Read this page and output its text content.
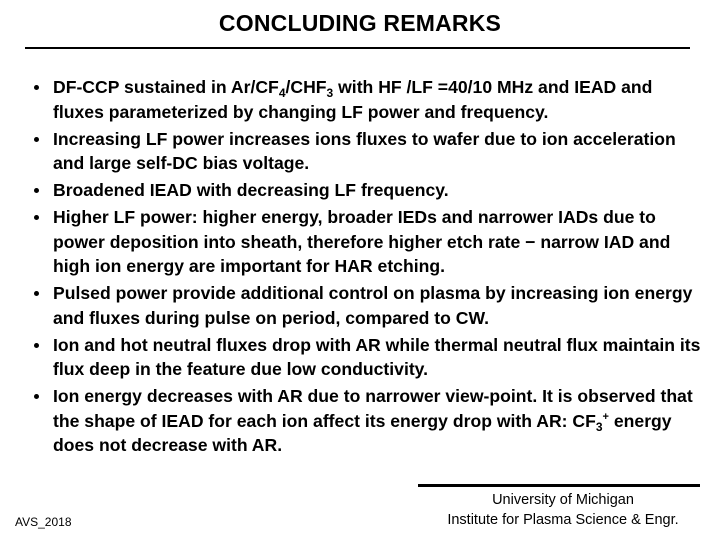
CONCLUDING REMARKS
DF-CCP sustained in $Ar/CF_4/CHF_3$ with HF /LF =40/10 MHz and IEAD and fluxes parameterized by changing LF power and frequency.
Increasing LF power increases ions fluxes to wafer due to ion acceleration and large self-DC bias voltage.
Broadened IEAD with decreasing LF frequency.
Higher LF power: higher energy, broader IEDs and narrower IADs due to power deposition into sheath, therefore higher etch rate − narrow IAD and high ion energy are important for HAR etching.
Pulsed power provide additional control on plasma by increasing ion energy and fluxes during pulse on period, compared to CW.
Ion and hot neutral fluxes drop with AR while thermal neutral flux maintain its flux deep in the feature due low conductivity.
Ion energy decreases with AR due to narrower view-point. It is observed that the shape of IEAD for each ion affect its energy drop with AR: $CF_3^+$ energy does not decrease with AR.
AVS_2018
University of Michigan
Institute for Plasma Science & Engr.
